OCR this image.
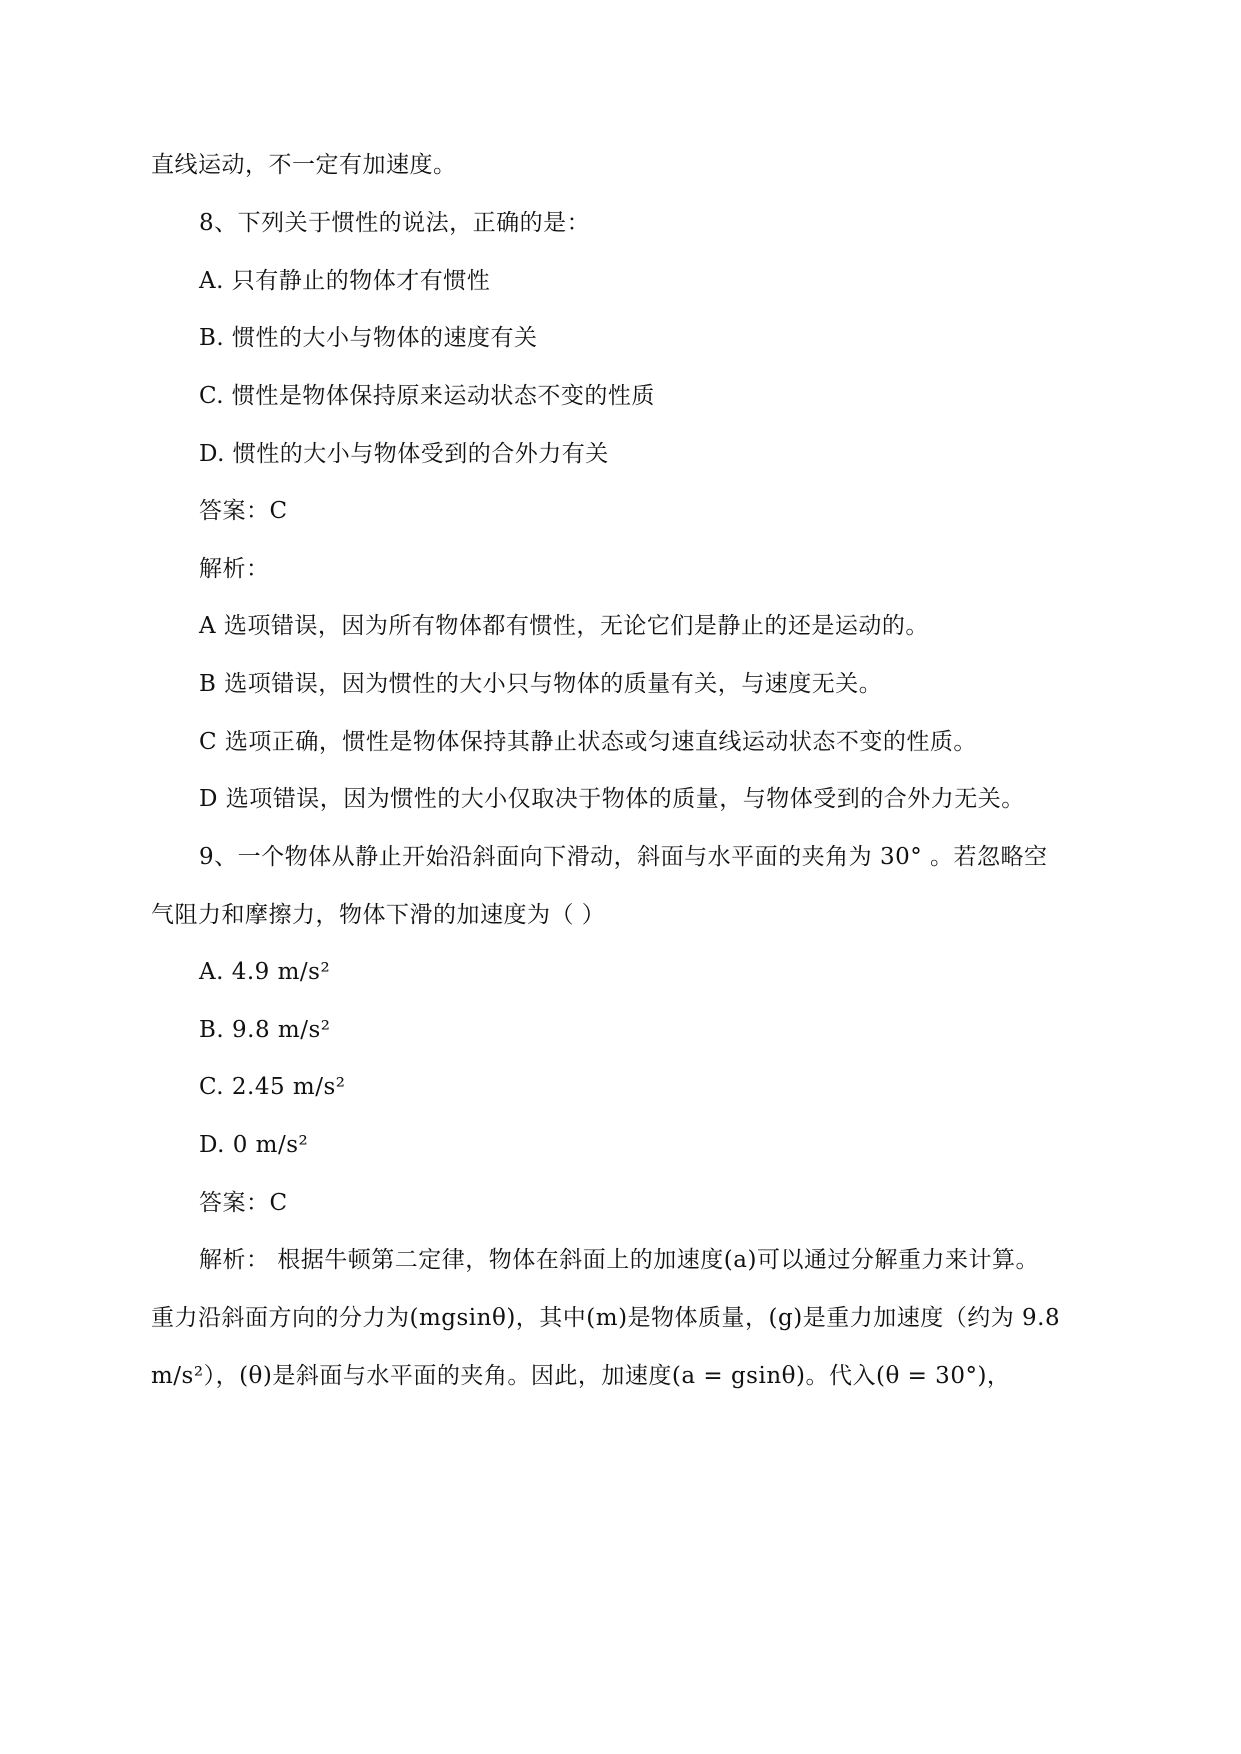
直线运动，不一定有加速度。
8、下列关于惯性的说法，正确的是：
A. 只有静止的物体才有惯性
B. 惯性的大小与物体的速度有关
C. 惯性是物体保持原来运动状态不变的性质
D. 惯性的大小与物体受到的合外力有关
答案：C
解析：
A 选项错误，因为所有物体都有惯性，无论它们是静止的还是运动的。
B 选项错误，因为惯性的大小只与物体的质量有关，与速度无关。
C 选项正确，惯性是物体保持其静止状态或匀速直线运动状态不变的性质。
D 选项错误，因为惯性的大小仅取决于物体的质量，与物体受到的合外力无关。
9、一个物体从静止开始沿斜面向下滑动，斜面与水平面的夹角为 30° 。若忽略空
气阻力和摩擦力，物体下滑的加速度为（ ）
A. 4.9 m/s²
B. 9.8 m/s²
C. 2.45 m/s²
D. 0 m/s²
答案：C
解析： 根据牛顿第二定律，物体在斜面上的加速度(a)可以通过分解重力来计算。
重力沿斜面方向的分力为(mgsinθ)，其中(m)是物体质量，(g)是重力加速度（约为 9.8
m/s²），(θ)是斜面与水平面的夹角。因此，加速度(a = gsinθ)。代入(θ = 30°)，
